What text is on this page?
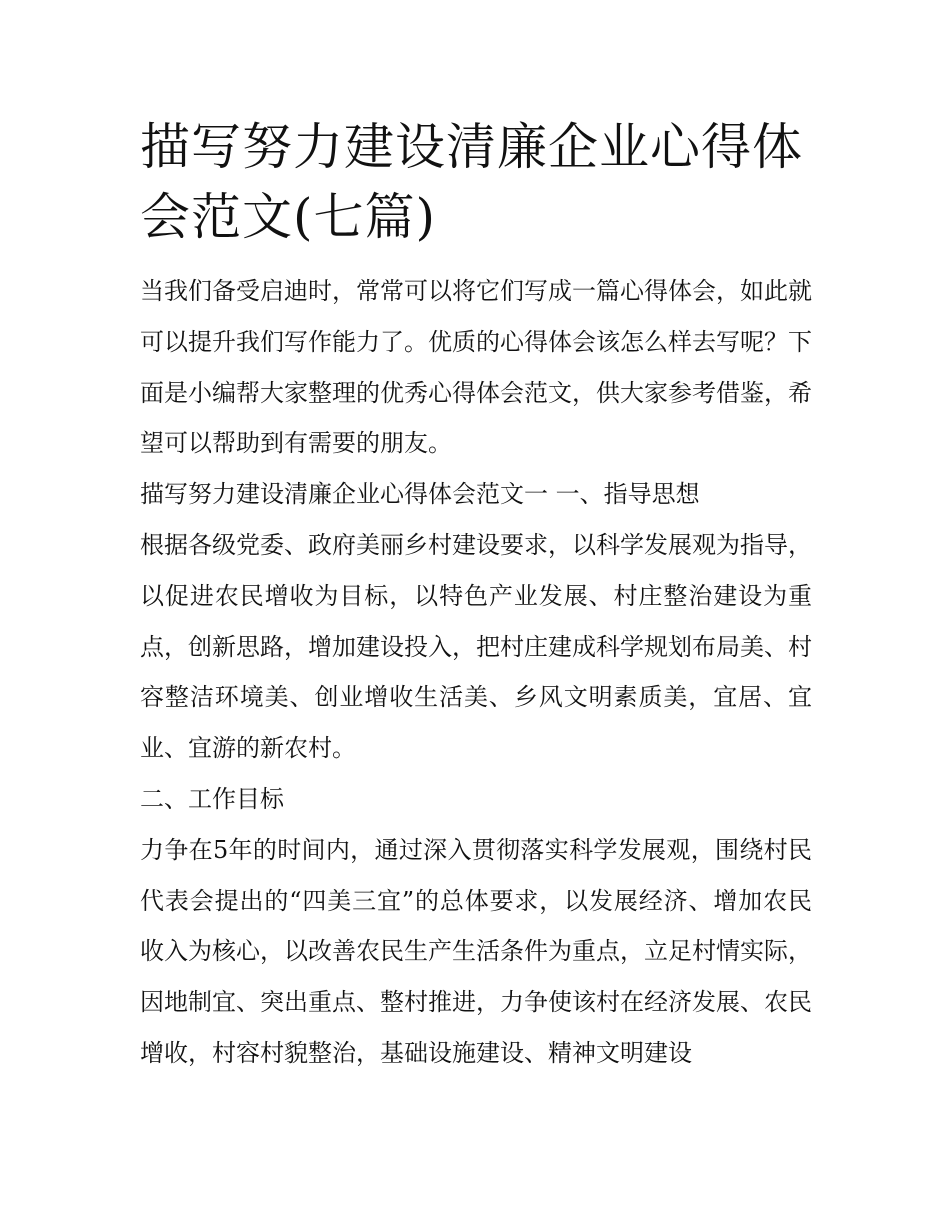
描写努力建设清廉企业心得体会范文(七篇)

当我们备受启迪时，常常可以将它们写成一篇心得体会，如此就可以提升我们写作能力了。优质的心得体会该怎么样去写呢？下面是小编帮大家整理的优秀心得体会范文，供大家参考借鉴，希望可以帮助到有需要的朋友。

描写努力建设清廉企业心得体会范文一 一、指导思想

根据各级党委、政府美丽乡村建设要求，以科学发展观为指导，以促进农民增收为目标，以特色产业发展、村庄整治建设为重点，创新思路，增加建设投入，把村庄建成科学规划布局美、村容整洁环境美、创业增收生活美、乡风文明素质美，宜居、宜业、宜游的新农村。

二、工作目标

力争在5年的时间内，通过深入贯彻落实科学发展观，围绕村民代表会提出的“四美三宜”的总体要求，以发展经济、增加农民收入为核心，以改善农民生产生活条件为重点，立足村情实际，因地制宜、突出重点、整村推进，力争使该村在经济发展、农民增收，村容村貌整治，基础设施建设、精神文明建设
